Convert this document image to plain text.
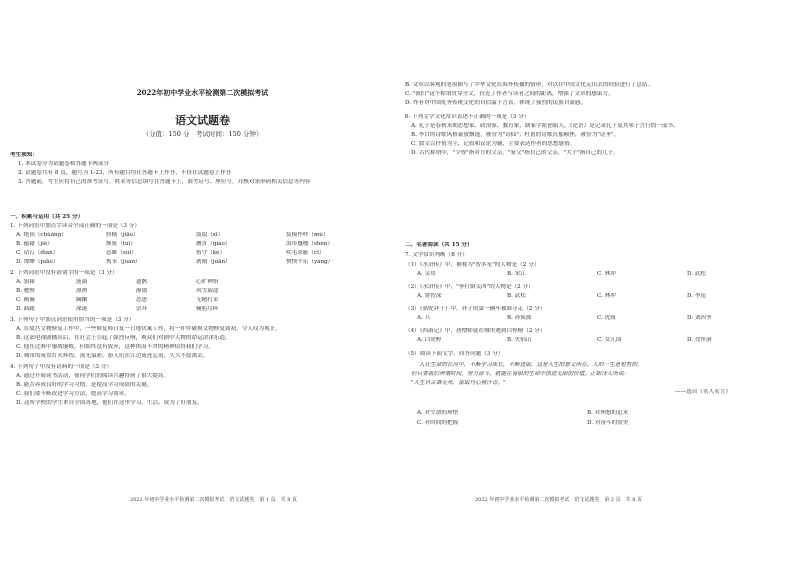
2022年初中学业水平检测第二次模拟考试
语文试题卷
（分值：150 分　考试时间：150 分钟）
考生须知：
1. 本试卷分为试题卷和答题卡两部分
2. 试题卷共有 8 页，题号为 1-23，所有题目均在答题卡上作答，不得在试题卷上作答
3. 答题前，考生应将自己的准考证号、姓名等信息填写在答题卡上，准考证号、座位号，并核对条形码相关信息等内容
一、积累与运用（共 25 分）
1. 下列词语中加点字读音全部正确的一项是（3 分）
A. 绝顶（chǔǎng）	骄横（jiāo）	汲取（xī）	装模作样（mú）
B. 蕴藉（jiè）	颓废（tuí）	翘首（qiáo）	海市蜃楼（shèn）
C. 玷污（diàn）	恣睢（suī）	恪守（kè）	吹毛求疵（cī）
D. 缥缈（piāo）	隽永（juàn）	镌刻（juān）	怏怏不乐（yàng）
2. 下列词语中没有错别字的一项是（3 分）
A. 狼藉	涟漪	遗骸	心旷神怡
B. 驰骋	凛冽	静谧	风雪载途
C. 颠簸	蹒跚	怂恿	无精打采
D. 踌躇	深邃	崇拜	鞠躬尽瘁
3. 下列句子中加点词语使用恰当的一项是（3 分）
A. 在故宫文物修复工作中，一些修复师日复一日地伏案工作，将一件件破损文物修复如初，令人叹为观止。
B. 这部电视剧播出后，在社会上引起了强烈反响，观众们对剧中人物的命运津津乐道。
C. 他在比赛中屡战屡败，但始终没有放弃，这种锲而不舍的精神值得我们学习。
D. 城市的夜景灯火辉煌，流光溢彩，游人们在江边流连忘返，久久不愿离去。
4. 下列句子中没有语病的一项是（3 分）
A. 通过开展读书活动，使同学们的阅读兴趣得到了很大提高。
B. 能否养成良好的学习习惯，是提高学习成绩的关键。
C. 我们要不断改进学习方法，提高学习效率。
D. 这所学校的学生来自全国各地，他们在这里学习、生活，成为了好朋友。
2022 年初中学业水平检测第二次模拟考试　语文试题卷　第 1 页　共 8 页
B. 文章以客观的笔墨描写了中华文化在海外传播的情形，对以往中国文化走出去的经验进行了总结。
C. "我们"这个称谓贯穿全文，拉近了作者与读者之间的距离，增强了文章的感染力。
D. 作者对中国优秀传统文化的自信溢于言表，体现了强烈的民族自豪感。
6. 下列文学文化常识表述不正确的一项是（3 分）
A. 孔子是春秋末期思想家、政治家、教育家，儒家学派创始人，《论语》是记录孔子及其弟子言行的一部书。
B. 李白的诗歌风格豪放飘逸，被誉为"诗仙"；杜甫的诗歌沉郁顿挫，被誉为"诗圣"。
C. 散文以抒情为主，记叙和议论为辅，主要表达作者的思想感情。
D. 古代称谓中，"令尊"指对方的父亲，"家父"指自己的父亲，"犬子"指自己的儿子。
二、名著阅读（共 15 分）
7. 文学常识判断（8 分）
（1）《水浒传》中，被称为"智多星"的人物是（2 分）
A. 吴用	B. 宋江	C. 林冲	D. 武松
（2）《水浒传》中，"拳打镇关西"的人物是（2 分）
A. 鲁智深	B. 武松	C. 林冲	D. 李逵
（3）《骆驼祥子》中，祥子的第一辆车被谁夺走（2 分）
A. 兵	B. 孙侦探	C. 虎妞	D. 刘四爷
（4）《西游记》中，唐僧师徒在哪里遇到白骨精（2 分）
A. 白虎岭	B. 火焰山	C. 女儿国	D. 盘丝洞
（5）阅读下面文字，回答问题（3 分）
人在生命的长河中，不断学习成长，不断进取，这是人生的意义所在。人的一生是短暂的，
但只要我们珍惜时间，努力奋斗，就能在有限的生命中创造无限的价值。正如诗人所说：
"人生自古谁无死，留取丹心照汗青。"
——选自《名人名言》
A. 对生命的珍惜	B. 对理想的追求
C. 对时间的把握	D. 对奋斗的赞美
2022 年初中学业水平检测第二次模拟考试　语文试题卷　第 2 页　共 8 页
